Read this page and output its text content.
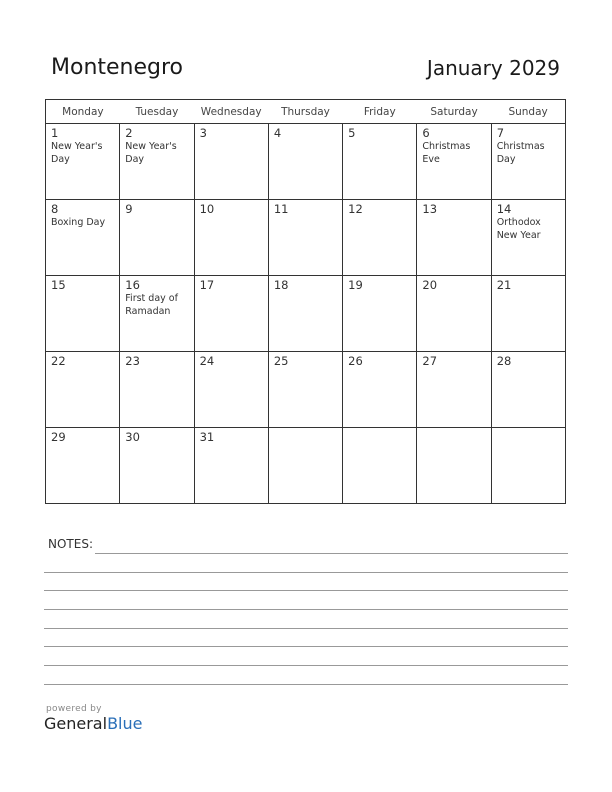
Montenegro	January 2029
Monday	Tuesday	Wednesday	Thursday	Friday	Saturday	Sunday

1
New Year's
Day	2
New Year's
Day	3	4	5	6
Christmas
Eve	7
Christmas
Day

8
Boxing Day	9	10	11	12	13	14
Orthodox
New Year

15	16
First day of
Ramadan	17	18	19	20	21

22	23	24	25	26	27	28

29	30	31				

NOTES:
powered by
GeneralBlue
